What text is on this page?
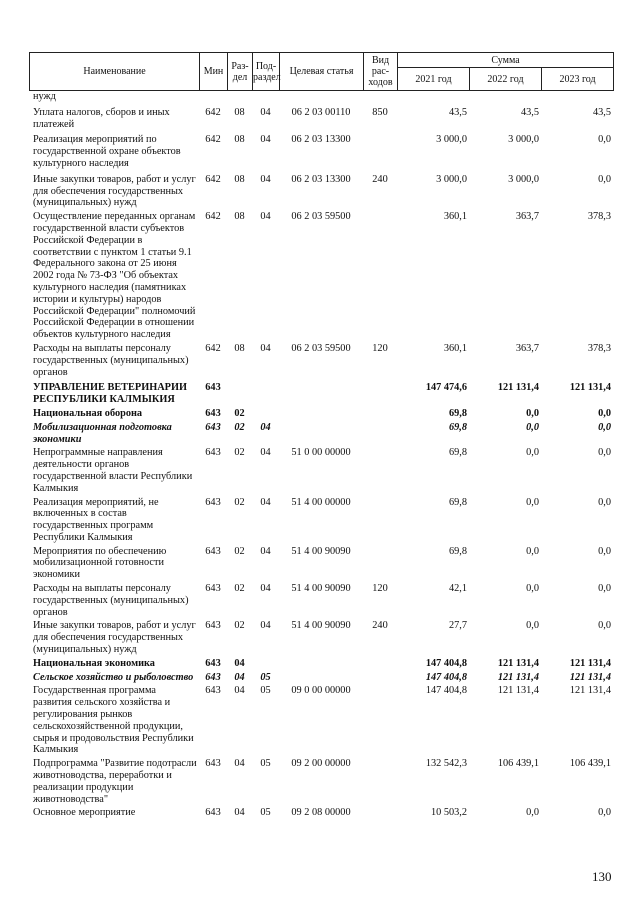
Наименование	Мин	Раз-дел	Под-раздел	Целевая статья	Вид рас-ходов	Сумма		
						2021 год	2022 год	2023 год
нужд								
Уплата налогов, сборов и иных платежей	642	08	04	06 2 03 00110	850	43,5	43,5	43,5
Реализация мероприятий по государственной охране объектов культурного наследия	642	08	04	06 2 03 13300		3 000,0	3 000,0	0,0
Иные закупки товаров, работ и услуг для обеспечения государственных (муниципальных) нужд	642	08	04	06 2 03 13300	240	3 000,0	3 000,0	0,0
Осуществление переданных органам государственной власти субъектов Российской Федерации в соответствии с пунктом 1 статьи 9.1 Федерального закона от 25 июня 2002 года № 73-ФЗ "Об объектах культурного наследия (памятниках истории и культуры) народов Российской Федерации" полномочий Российской Федерации в отношении объектов культурного наследия	642	08	04	06 2 03 59500		360,1	363,7	378,3
Расходы на выплаты персоналу государственных (муниципальных) органов	642	08	04	06 2 03 59500	120	360,1	363,7	378,3
УПРАВЛЕНИЕ ВЕТЕРИНАРИИ РЕСПУБЛИКИ КАЛМЫКИЯ	643					147 474,6	121 131,4	121 131,4
Национальная оборона	643	02				69,8	0,0	0,0
Мобилизационная подготовка экономики	643	02	04			69,8	0,0	0,0
Непрограммные направления деятельности органов государственной власти Республики Калмыкия	643	02	04	51 0 00 00000		69,8	0,0	0,0
Реализация мероприятий, не включенных в состав государственных программ Республики Калмыкия	643	02	04	51 4 00 00000		69,8	0,0	0,0
Мероприятия по обеспечению мобилизационной готовности экономики	643	02	04	51 4 00 90090		69,8	0,0	0,0
Расходы на выплаты персоналу государственных (муниципальных) органов	643	02	04	51 4 00 90090	120	42,1	0,0	0,0
Иные закупки товаров, работ и услуг для обеспечения государственных (муниципальных) нужд	643	02	04	51 4 00 90090	240	27,7	0,0	0,0
Национальная экономика	643	04				147 404,8	121 131,4	121 131,4
Сельское хозяйство и рыболовство	643	04	05			147 404,8	121 131,4	121 131,4
Государственная программа развития сельского хозяйства и регулирования рынков сельскохозяйственной продукции, сырья и продовольствия Республики Калмыкия	643	04	05	09 0 00 00000		147 404,8	121 131,4	121 131,4
Подпрограмма "Развитие подотрасли животноводства, переработки и реализации продукции животноводства"	643	04	05	09 2 00 00000		132 542,3	106 439,1	106 439,1
Основное мероприятие	643	04	05	09 2 08 00000		10 503,2	0,0	0,0
130
